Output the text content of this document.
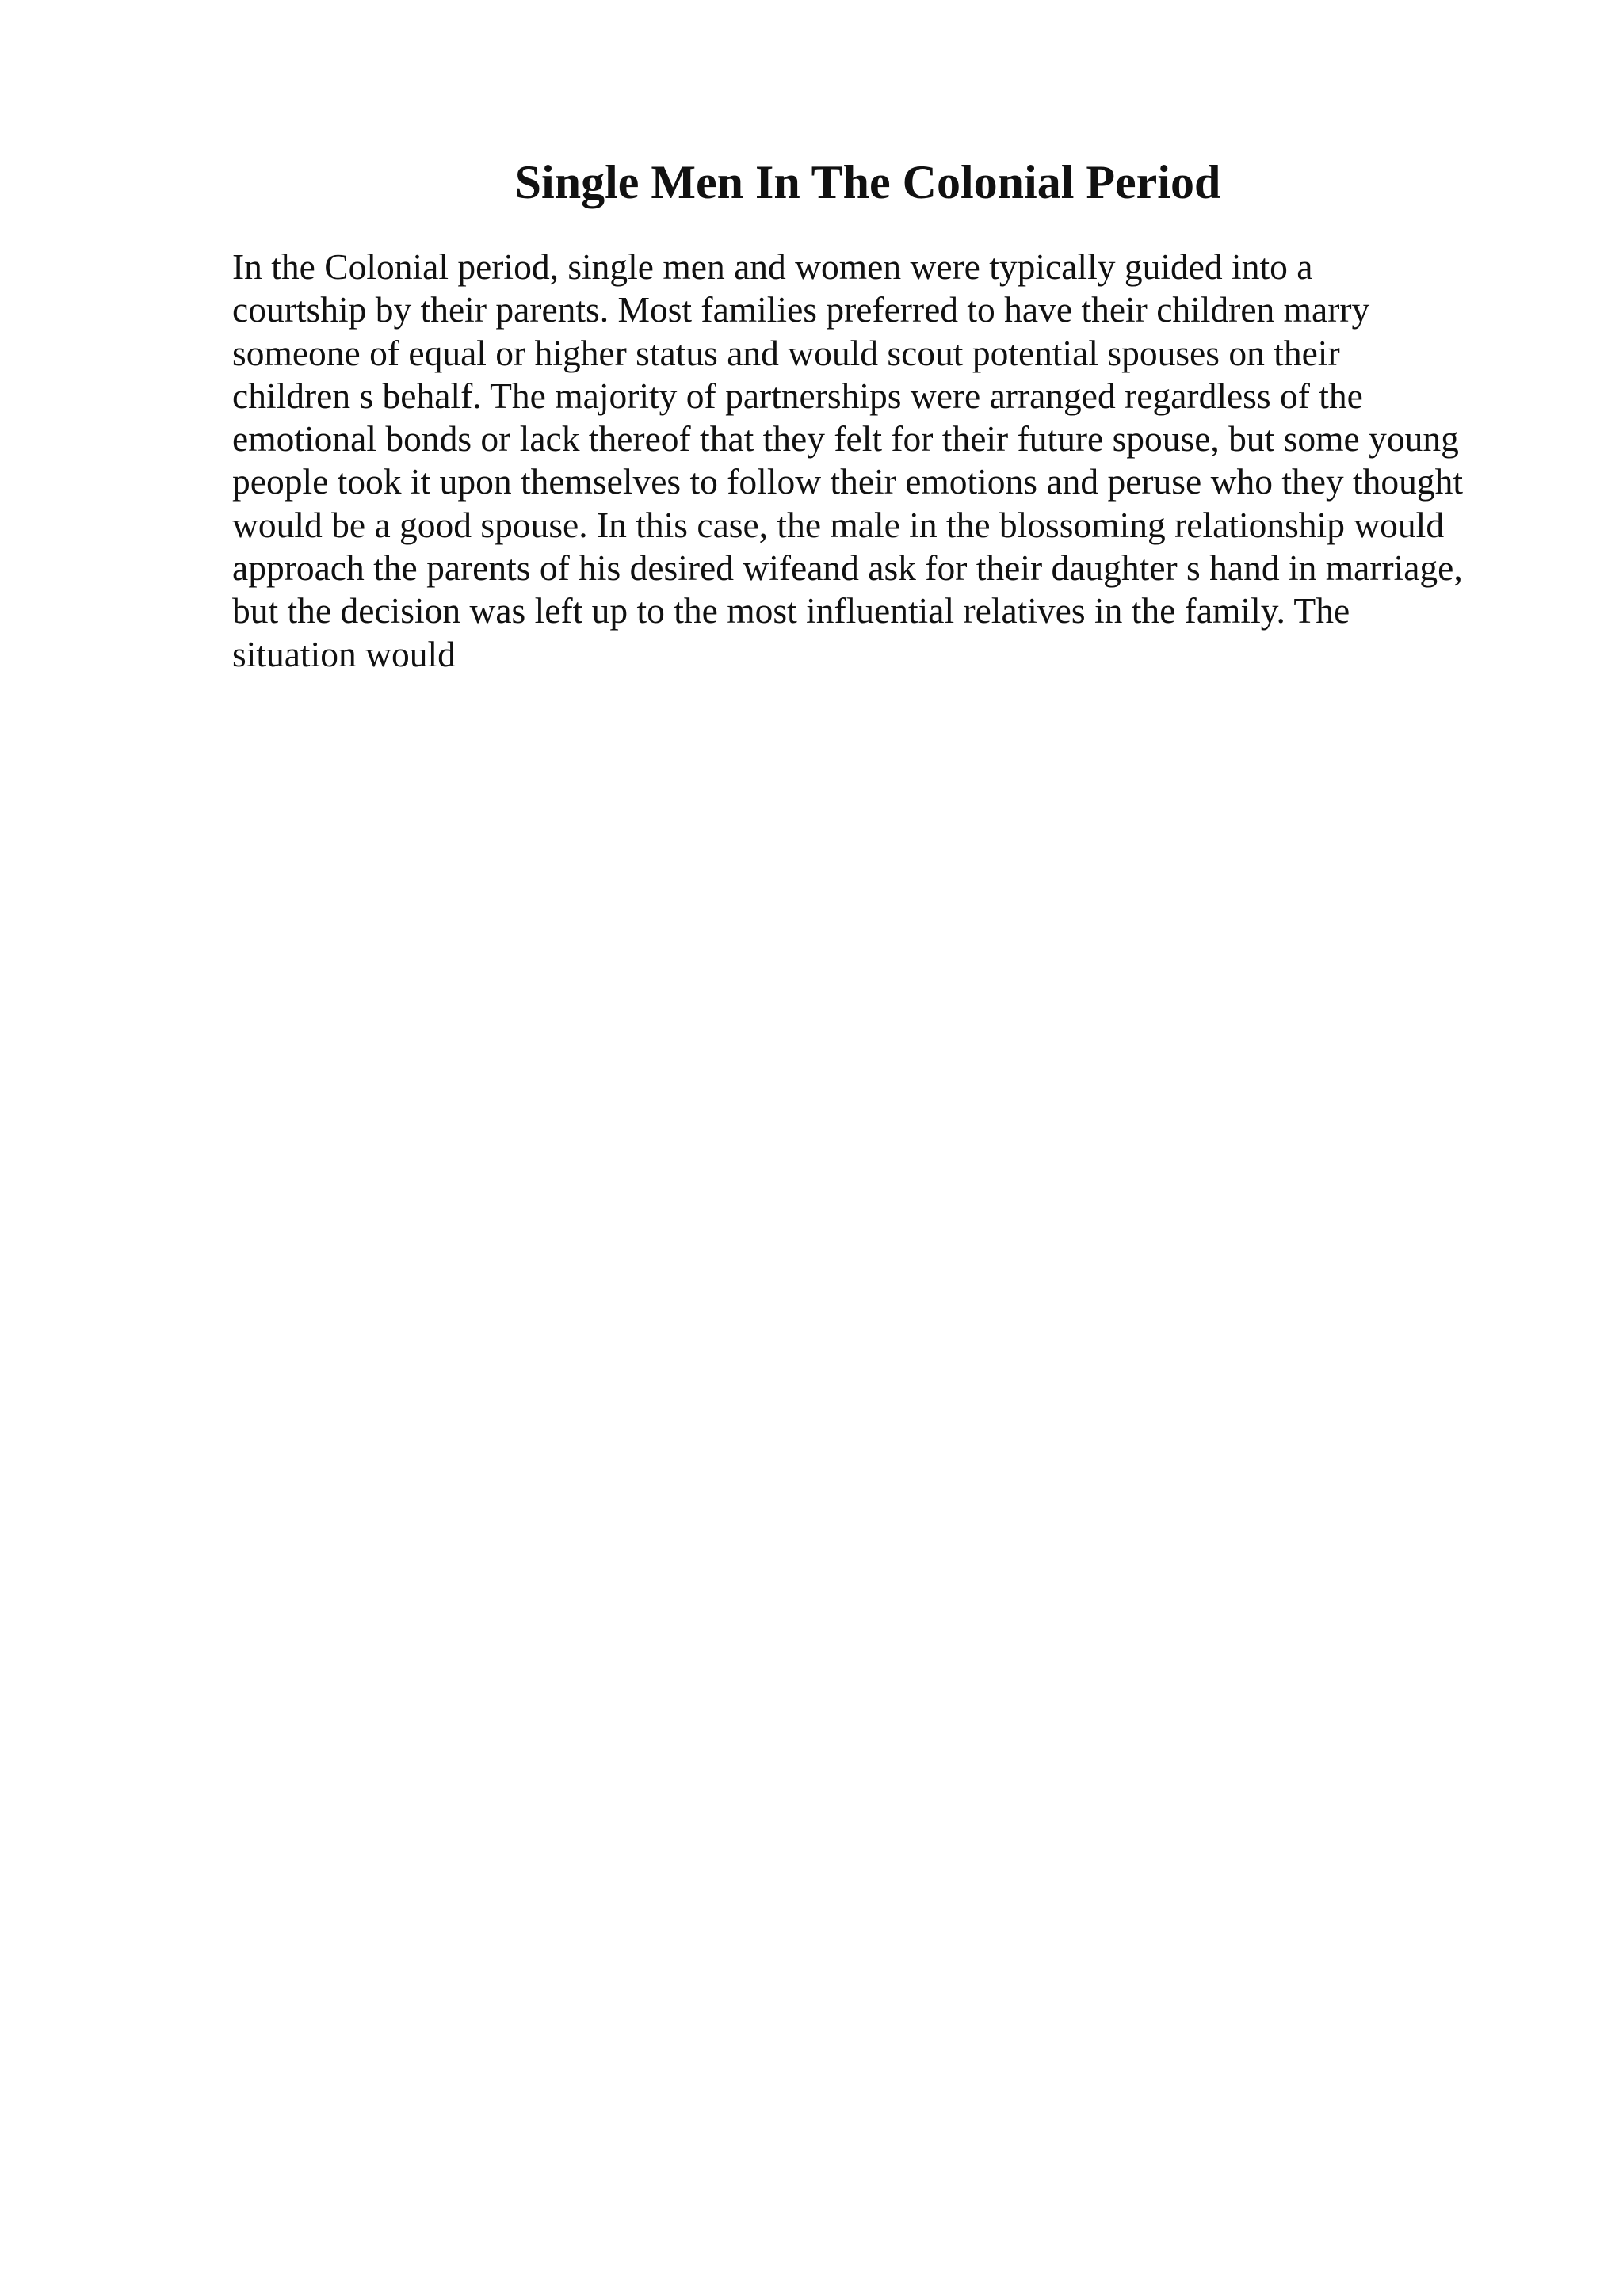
Single Men In The Colonial Period
In the Colonial period, single men and women were typically guided into a
courtship by their parents. Most families preferred to have their children marry
someone of equal or higher status and would scout potential spouses on their
children s behalf. The majority of partnerships were arranged regardless of the
emotional bonds or lack thereof that they felt for their future spouse, but some young
people took it upon themselves to follow their emotions and peruse who they thought
would be a good spouse. In this case, the male in the blossoming relationship would
approach the parents of his desired wifeand ask for their daughter s hand in marriage,
but the decision was left up to the most influential relatives in the family. The
situation would
